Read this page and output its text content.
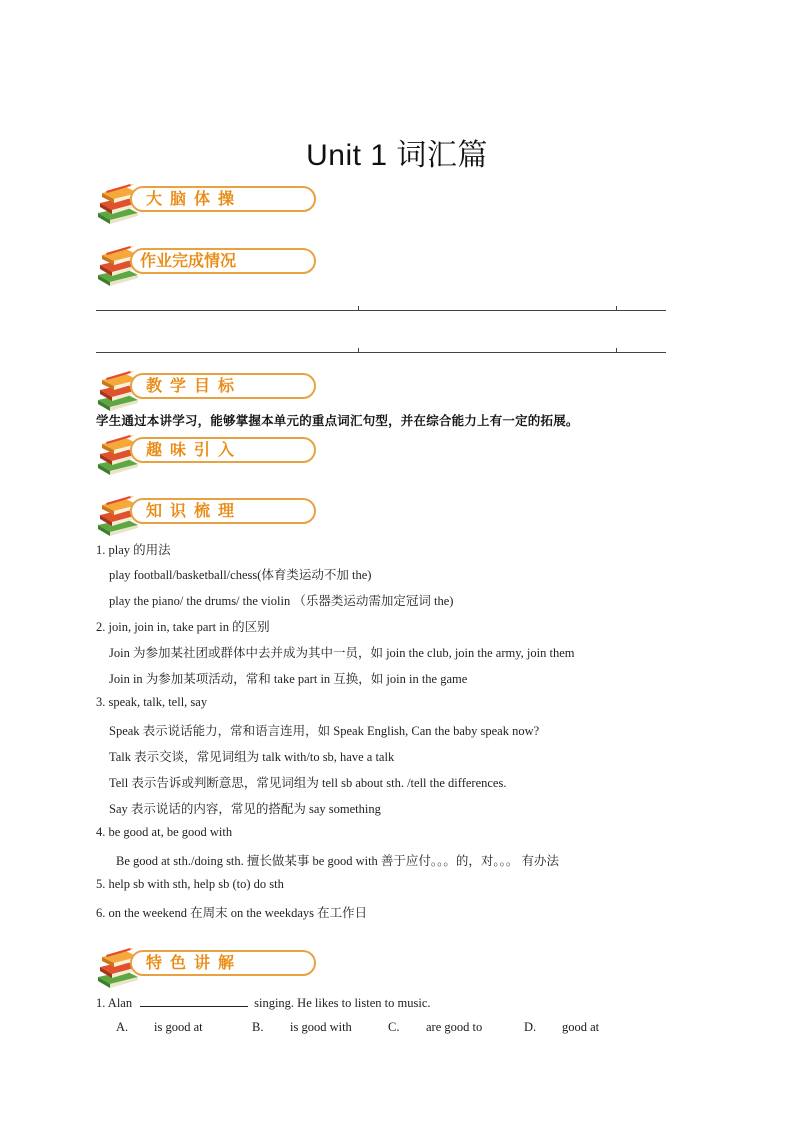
Unit 1 词汇篇
大脑体操
作业完成情况
教学目标
学生通过本讲学习，能够掌握本单元的重点词汇句型，并在综合能力上有一定的拓展。
趣味引入
知识梳理
1. play 的用法
play football/basketball/chess(体育类运动不加 the)
play the piano/ the drums/ the violin （乐器类运动需加定冠词 the)
2. join, join in, take part in 的区别
Join 为参加某社团或群体中去并成为其中一员，如 join the club, join the army, join them
Join in 为参加某项活动，常和 take part in 互换，如 join in the game
3. speak, talk, tell, say
Speak 表示说话能力，常和语言连用，如 Speak English, Can the baby speak now?
Talk 表示交谈，常见词组为 talk with/to sb, have a talk
Tell 表示告诉或判断意思，常见词组为 tell sb about sth. /tell the differences.
Say 表示说话的内容，常见的搭配为 say something
4. be good at, be good with
Be good at sth./doing sth. 擅长做某事 be good with 善于应付。。。的，对。。。 有办法
5. help sb with sth, help sb (to) do sth
6. on the weekend 在周末 on the weekdays 在工作日
特色讲解
1. Alan	singing. He likes to listen to music.
A. is good at	B. is good with	C. are good to	D. good at
